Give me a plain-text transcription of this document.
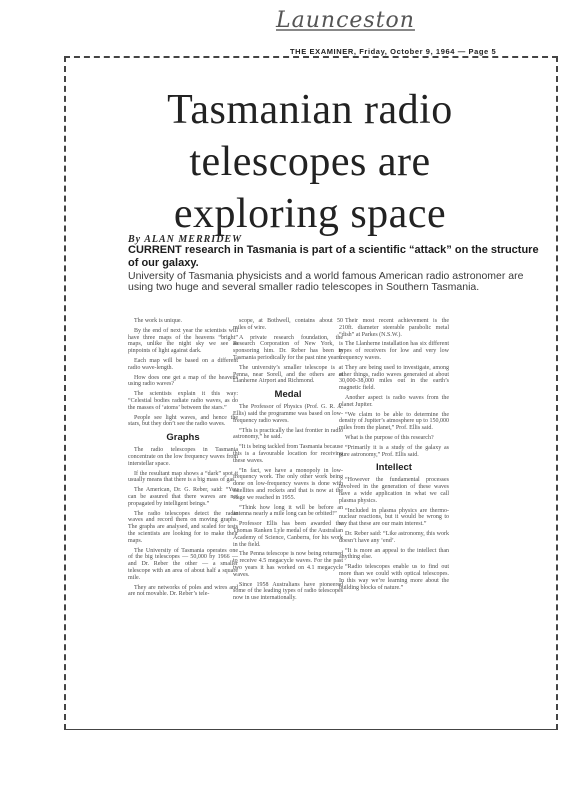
Launceston
THE EXAMINER, Friday, October 9, 1964 — Page 5
Tasmanian radio
telescopes are
exploring space
By ALAN MERRIDEW
CURRENT research in Tasmania is part of a scientific “attack” on the structure of our galaxy.
University of Tasmania physicists and a world famous American radio astronomer are using two huge and several smaller radio telescopes in Southern Tasmania.

The work is unique.

By the end of next year the scientists will have three maps of the heavens “bright” maps, unlike the night sky we see as pinpoints of light against dark.

Each map will be based on a different radio wave-length.

How does one get a map of the heavens using radio waves?

The scientists explain it this way: “Celestial bodies radiate radio waves, as do the masses of ‘atoms’ between the stars.”

People see light waves, and hence the stars, but they don’t see the radio waves.

Graphs

The radio telescopes in Tasmania concentrate on the low frequency waves from interstellar space.

If the resultant map shows a “dark” spot it usually means that there is a big mass of gas.

The American, Dr. G. Reber, said: “You can be assured that there waves are not propagated by intelligent beings.”

The radio telescopes detect the radio waves and record them on moving graphs. The graphs are analysed, and scaled for tests the scientists are looking for to make their maps.

The University of Tasmania operates one of the big telescopes — 50,000 by 1966 — and Dr. Reber the other — a smaller telescope with an area of about half a square mile.

They are networks of poles and wires and are not movable. Dr. Reber’s tele-

scope, at Bothwell, contains about 50 miles of wire.

A private research foundation, the Research Corporation of New York, is sponsoring him. Dr. Reber has been in Tasmania periodically for the past nine years.

The university’s smaller telescope is at Penna, near Sorell, and the others are at Llanherne Airport and Richmond.

Medal

The Professor of Physics (Prof. G. R. A. Ellis) said the programme was based on low-frequency radio waves.

“This is practically the last frontier in radio astronomy,” he said.

“It is being tackled from Tasmania because this is a favourable location for receiving these waves.

“In fact, we have a monopoly in low-frequency work. The only other work being done on low-frequency waves is done with satellites and rockets and that is now at the stage we reached in 1955.

“Think how long it will be before an antenna nearly a mile long can be orbited!”

Professor Ellis has been awarded the Thomas Ranken Lyle medal of the Australian Academy of Science, Canberra, for his work in the field.

The Penna telescope is now being returned to receive 4.5 megacycle waves. For the past two years it has worked on 4.1 megacycle waves.

Since 1958 Australians have pioneered some of the leading types of radio telescopes now in use internationally.

Their most recent achievement is the 210ft. diameter steerable parabolic metal “dish” at Parkes (N.S.W.).

The Llanherne installation has six different types of receivers for low and very low frequency waves.

They are being used to investigate, among other things, radio waves generated at about 30,000-38,000 miles out in the earth’s magnetic field.

Another aspect is radio waves from the planet Jupiter.

“We claim to be able to determine the density of Jupiter’s atmosphere up to 150,000 miles from the planet,” Prof. Ellis said.

What is the purpose of this research?

“Primarily it is a study of the galaxy as pure astronomy,” Prof. Ellis said.

Intellect

“However the fundamental processes involved in the generation of these waves have a wide application in what we call plasma physics.

“Included in plasma physics are thermo-nuclear reactions, but it would be wrong to say that these are our main interest.”

Dr. Reber said: “Like astronomy, this work doesn’t have any ‘end’.

“It is more an appeal to the intellect than anything else.

“Radio telescopes enable us to find out more than we could with optical telescopes. In this way we’re learning more about the building blocks of nature.”
